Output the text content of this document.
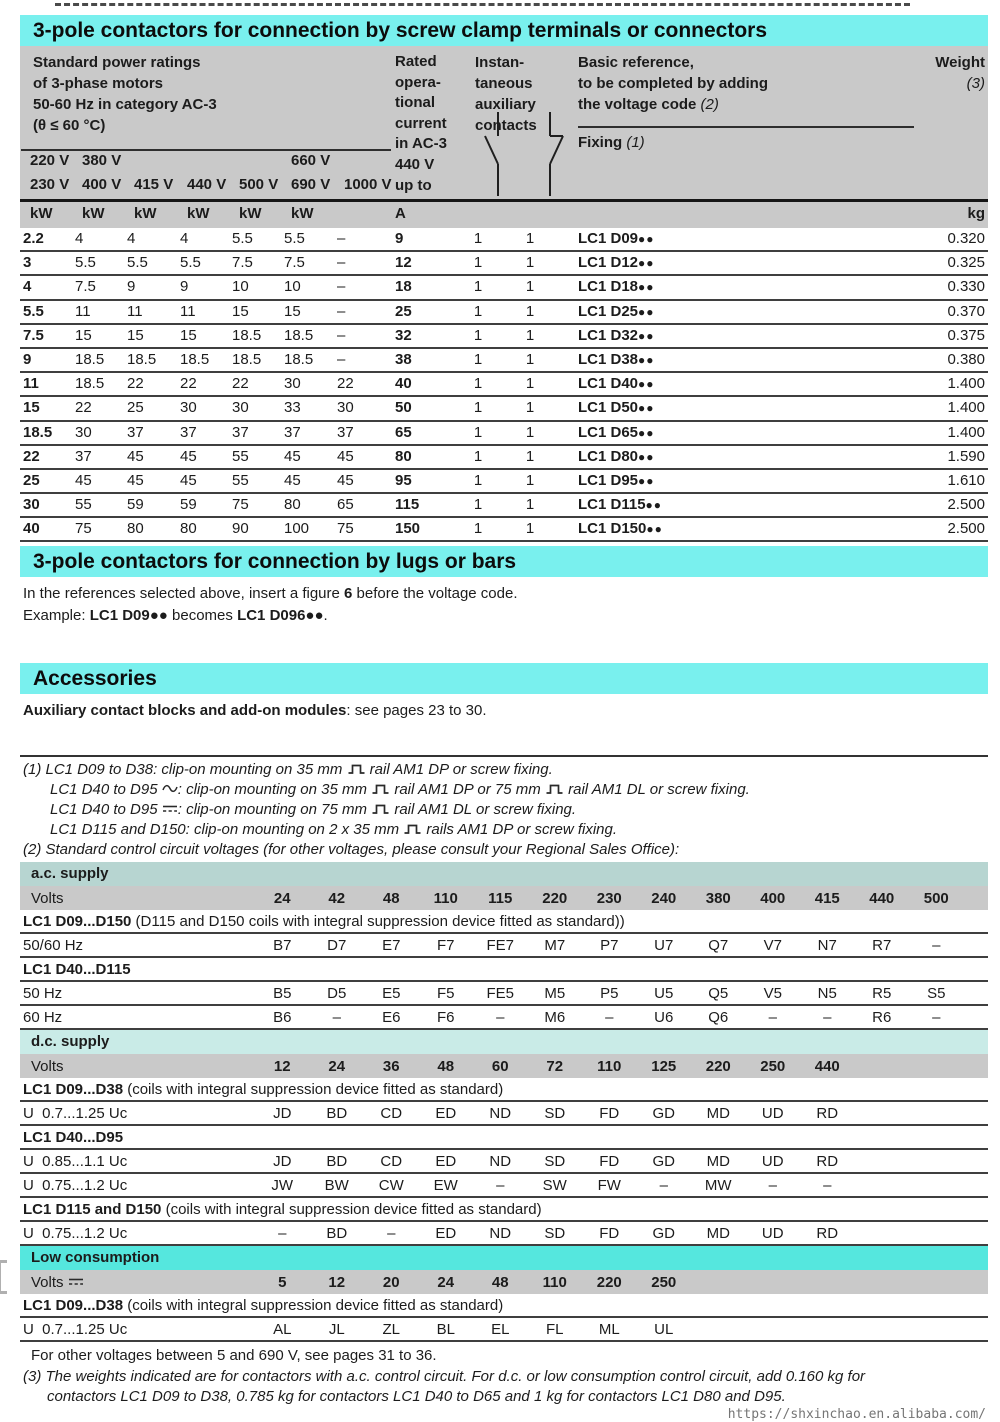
3-pole contactors for connection by screw clamp terminals or connectors
Standard power ratings
of 3-phase motors
50-60 Hz in category AC-3
(θ ≤ 60 °C)
Rated
opera-
tional
current
in AC-3
440 V
up to
Instan-
taneous
auxiliary
contacts
Basic reference,
to be completed by adding
the voltage code (2)
Fixing (1)
Weight
(3)
220 V 380 V	660 V
230 V 400 V 415 V 440 V 500 V 690 V 1000 V
kW	kW	kW	kW	kW	kW	A	kg
2.2	4	4	4	5.5	5.5	–	9	1	1	LC1 D09●●	0.320
3	5.5	5.5	5.5	7.5	7.5	–	12	1	1	LC1 D12●●	0.325
4	7.5	9	9	10	10	–	18	1	1	LC1 D18●●	0.330
5.5	11	11	11	15	15	–	25	1	1	LC1 D25●●	0.370
7.5	15	15	15	18.5	18.5	–	32	1	1	LC1 D32●●	0.375
9	18.5	18.5	18.5	18.5	18.5	–	38	1	1	LC1 D38●●	0.380
11	18.5	22	22	22	30	22	40	1	1	LC1 D40●●	1.400
15	22	25	30	30	33	30	50	1	1	LC1 D50●●	1.400
18.5	30	37	37	37	37	37	65	1	1	LC1 D65●●	1.400
22	37	45	45	55	45	45	80	1	1	LC1 D80●●	1.590
25	45	45	45	55	45	45	95	1	1	LC1 D95●●	1.610
30	55	59	59	75	80	65	115	1	1	LC1 D115●●	2.500
40	75	80	80	90	100	75	150	1	1	LC1 D150●●	2.500
3-pole contactors for connection by lugs or bars

In the references selected above, insert a figure 6 before the voltage code.

Example: LC1 D09●● becomes LC1 D096●●.

Accessories

Auxiliary contact blocks and add-on modules: see pages 23 to 30.

(1) LC1 D09 to D38: clip-on mounting on 35 mm  rail AM1 DP or screw fixing.
LC1 D40 to D95 : clip-on mounting on 35 mm  rail AM1 DP or 75 mm  rail AM1 DL or screw fixing.
LC1 D40 to D95 : clip-on mounting on 75 mm  rail AM1 DL or screw fixing.
LC1 D115 and D150: clip-on mounting on 2 x 35 mm  rails AM1 DP or screw fixing.
(2) Standard control circuit voltages (for other voltages, please consult your Regional Sales Office):
a.c. supply
Volts	24	42	48	110	115	220	230	240	380	400	415	440	500
LC1 D09...D150 (D115 and D150 coils with integral suppression device fitted as standard))
50/60 Hz	B7	D7	E7	F7	FE7	M7	P7	U7	Q7	V7	N7	R7	–
LC1 D40...D115
50 Hz	B5	D5	E5	F5	FE5	M5	P5	U5	Q5	V5	N5	R5	S5
60 Hz	B6	–	E6	F6	–	M6	–	U6	Q6	–	–	R6	–
d.c. supply
Volts	12	24	36	48	60	72	110	125	220	250	440
LC1 D09...D38 (coils with integral suppression device fitted as standard)
U  0.7...1.25 Uc	JD	BD	CD	ED	ND	SD	FD	GD	MD	UD	RD
LC1 D40...D95
U  0.85...1.1 Uc	JD	BD	CD	ED	ND	SD	FD	GD	MD	UD	RD
U  0.75...1.2 Uc	JW	BW	CW	EW	–	SW	FW	–	MW	–	–
LC1 D115 and D150 (coils with integral suppression device fitted as standard)
U  0.75...1.2 Uc	–	BD	–	ED	ND	SD	FD	GD	MD	UD	RD
Low consumption
Volts	5	12	20	24	48	110	220	250
LC1 D09...D38 (coils with integral suppression device fitted as standard)
U  0.7...1.25 Uc	AL	JL	ZL	BL	EL	FL	ML	UL

For other voltages between 5 and 690 V, see pages 31 to 36.

(3) The weights indicated are for contactors with a.c. control circuit. For d.c. or low consumption control circuit, add 0.160 kg for
contactors LC1 D09 to D38, 0.785 kg for contactors LC1 D40 to D65 and 1 kg for contactors LC1 D80 and D95.
https://shxinchao.en.alibaba.com/
